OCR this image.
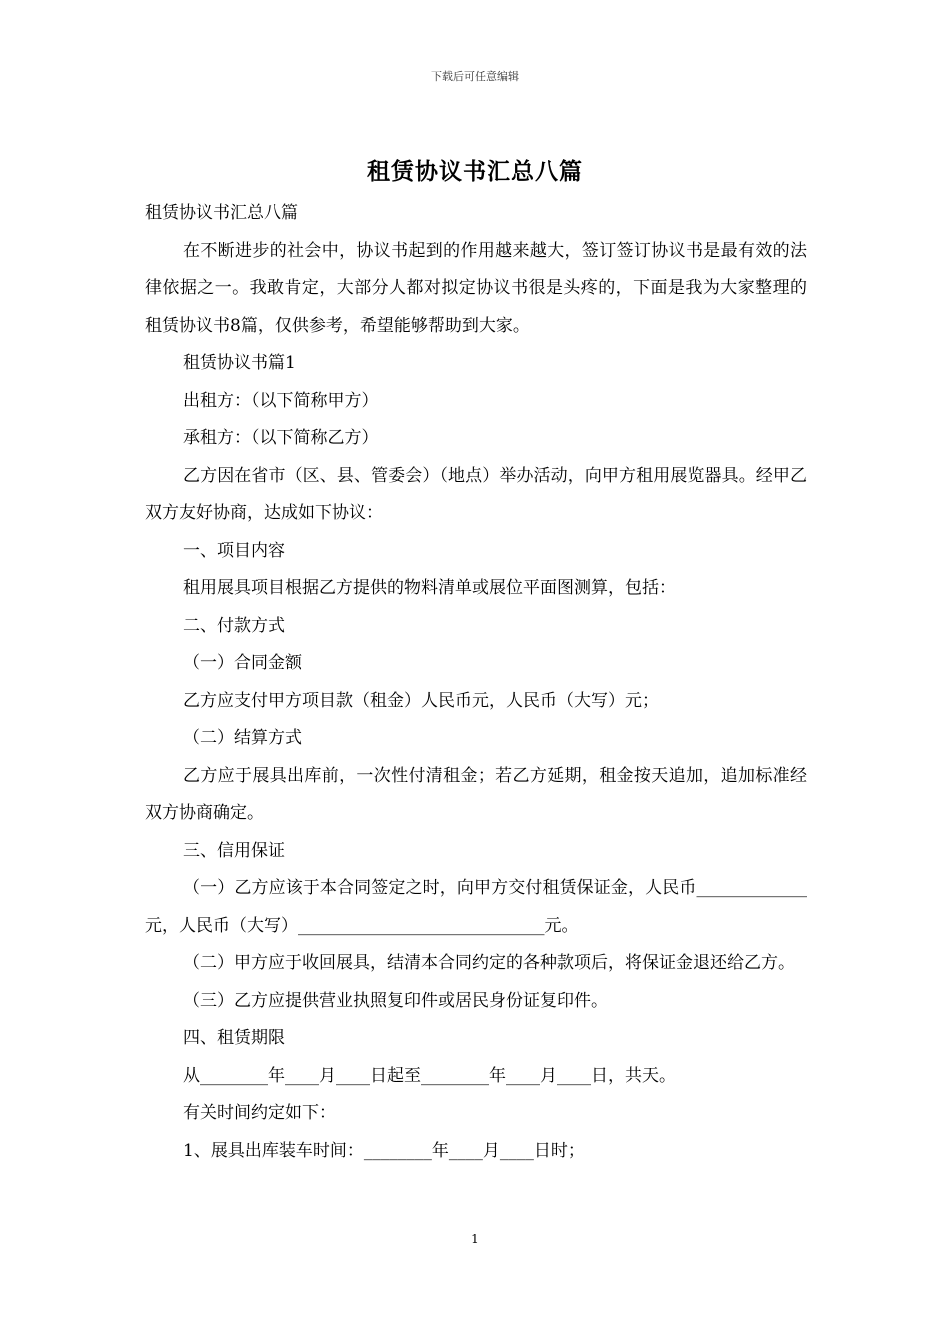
下载后可任意编辑
租赁协议书汇总八篇

租赁协议书汇总八篇

在不断进步的社会中，协议书起到的作用越来越大，签订签订协议书是最有效的法律依据之一。我敢肯定，大部分人都对拟定协议书很是头疼的，下面是我为大家整理的租赁协议书8篇，仅供参考，希望能够帮助到大家。

租赁协议书篇1

出租方：（以下简称甲方）

承租方：（以下简称乙方）

乙方因在省市（区、县、管委会）（地点）举办活动，向甲方租用展览器具。经甲乙双方友好协商，达成如下协议：

一、项目内容

租用展具项目根据乙方提供的物料清单或展位平面图测算，包括：

二、付款方式

（一）合同金额

乙方应支付甲方项目款（租金）人民币元，人民币（大写）元；

（二）结算方式

乙方应于展具出库前，一次性付清租金；若乙方延期，租金按天追加，追加标准经双方协商确定。

三、信用保证

（一）乙方应该于本合同签定之时，向甲方交付租赁保证金，人民币_____________元，人民币（大写）_____________________________元。

（二）甲方应于收回展具，结清本合同约定的各种款项后，将保证金退还给乙方。

（三）乙方应提供营业执照复印件或居民身份证复印件。

四、租赁期限

从________年____月____日起至________年____月____日，共天。

有关时间约定如下：

1、展具出库装车时间：________年____月____日时；

1
